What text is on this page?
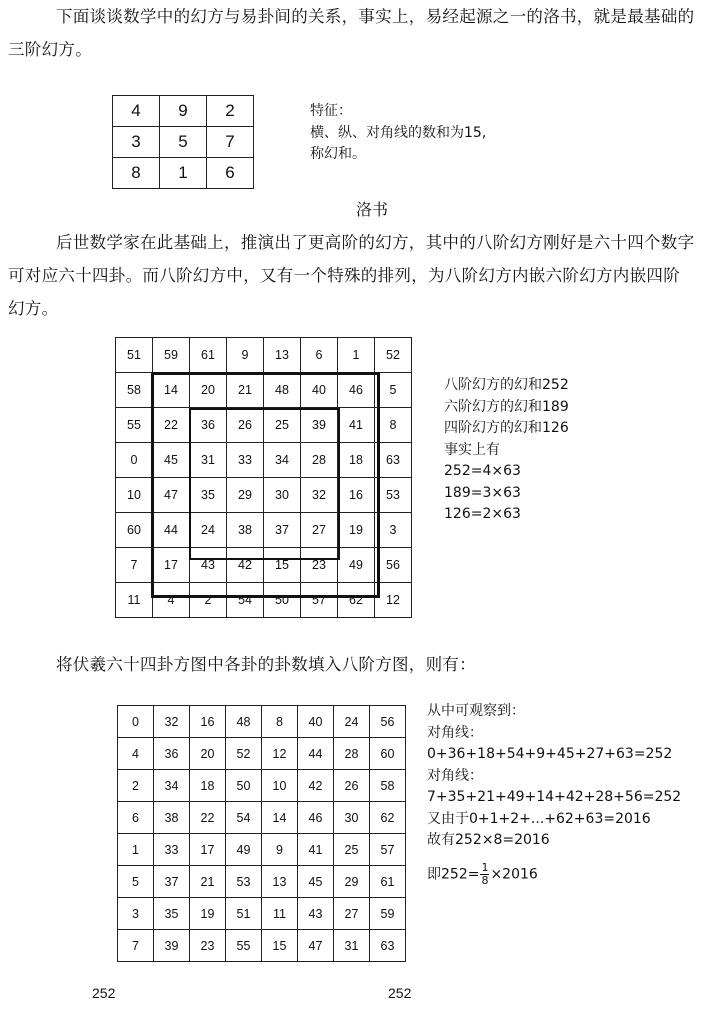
下面谈谈数学中的幻方与易卦间的关系，事实上，易经起源之一的洛书，就是最基础的
三阶幻方。

4	9	2
3	5	7
8	1	6
特征：
横、纵、对角线的数和为15,
称幻和。
洛书

后世数学家在此基础上，推演出了更高阶的幻方，其中的八阶幻方刚好是六十四个数字
可对应六十四卦。而八阶幻方中，又有一个特殊的排列，为八阶幻方内嵌六阶幻方内嵌四阶
幻方。

51	59	61	9	13	6	1	52
58	14	20	21	48	40	46	5
55	22	36	26	25	39	41	8
0	45	31	33	34	28	18	63
10	47	35	29	30	32	16	53
60	44	24	38	37	27	19	3
7	17	43	42	15	23	49	56
11	4	2	54	50	57	62	12
八阶幻方的幻和252
六阶幻方的幻和189
四阶幻方的幻和126
事实上有
252=4×63
189=3×63
126=2×63

将伏羲六十四卦方图中各卦的卦数填入八阶方图，则有：

0	32	16	48	8	40	24	56
4	36	20	52	12	44	28	60
2	34	18	50	10	42	26	58
6	38	22	54	14	46	30	62
1	33	17	49	9	41	25	57
5	37	21	53	13	45	29	61
3	35	19	51	11	43	27	59
7	39	23	55	15	47	31	63
从中可观察到：
对角线：
0+36+18+54+9+45+27+63=252
对角线：
7+35+21+49+14+42+28+56=252
又由于0+1+2+...+62+63=2016
故有252×8=2016
即$252= \frac{1}{8} \times 2016$
252	252
